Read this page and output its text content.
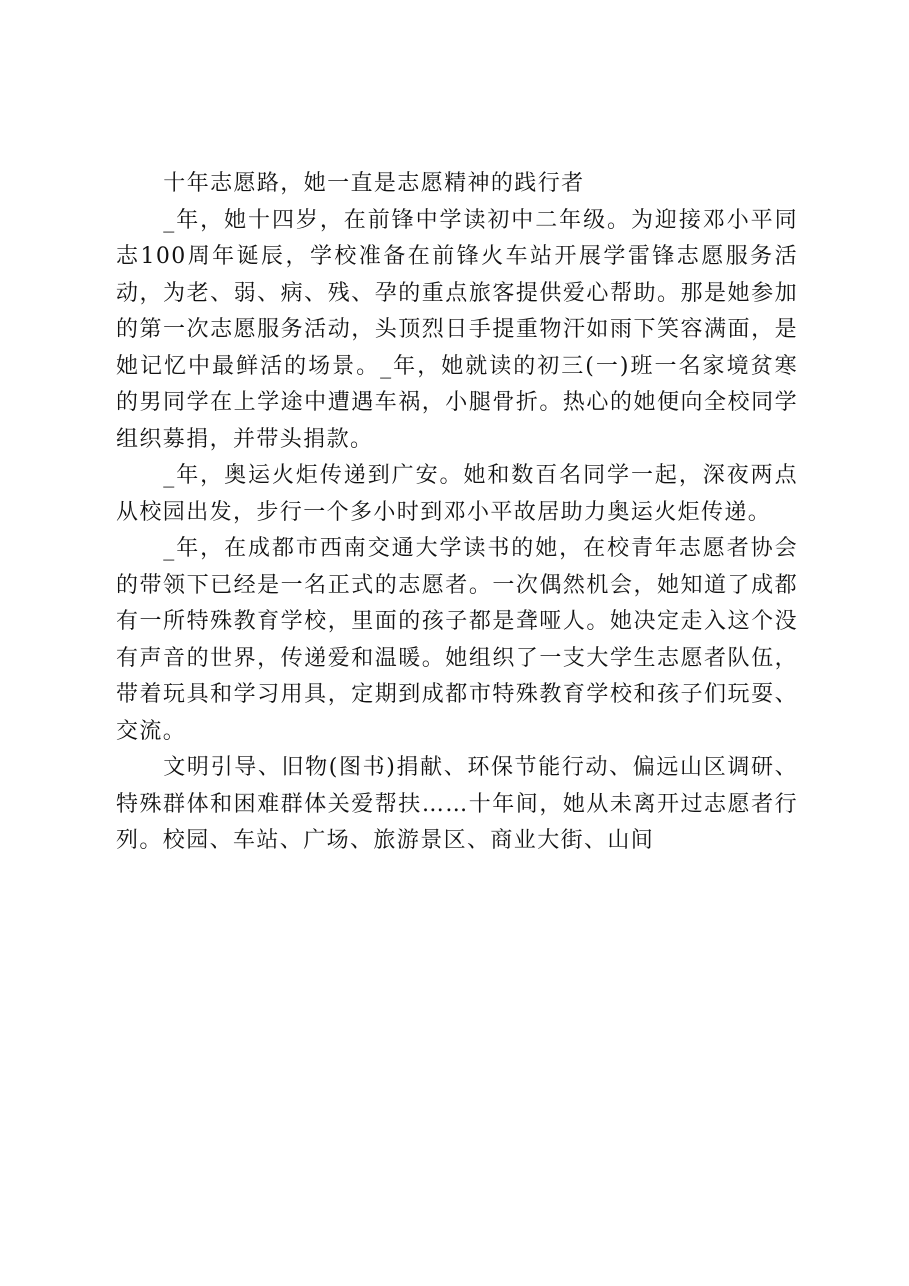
十年志愿路，她一直是志愿精神的践行者

_年，她十四岁，在前锋中学读初中二年级。为迎接邓小平同志100周年诞辰，学校准备在前锋火车站开展学雷锋志愿服务活动，为老、弱、病、残、孕的重点旅客提供爱心帮助。那是她参加的第一次志愿服务活动，头顶烈日手提重物汗如雨下笑容满面，是她记忆中最鲜活的场景。_年，她就读的初三(一)班一名家境贫寒的男同学在上学途中遭遇车祸，小腿骨折。热心的她便向全校同学组织募捐，并带头捐款。

_年，奥运火炬传递到广安。她和数百名同学一起，深夜两点从校园出发，步行一个多小时到邓小平故居助力奥运火炬传递。

_年，在成都市西南交通大学读书的她，在校青年志愿者协会的带领下已经是一名正式的志愿者。一次偶然机会，她知道了成都有一所特殊教育学校，里面的孩子都是聋哑人。她决定走入这个没有声音的世界，传递爱和温暖。她组织了一支大学生志愿者队伍，带着玩具和学习用具，定期到成都市特殊教育学校和孩子们玩耍、交流。

文明引导、旧物(图书)捐献、环保节能行动、偏远山区调研、特殊群体和困难群体关爱帮扶……十年间，她从未离开过志愿者行列。校园、车站、广场、旅游景区、商业大街、山间
